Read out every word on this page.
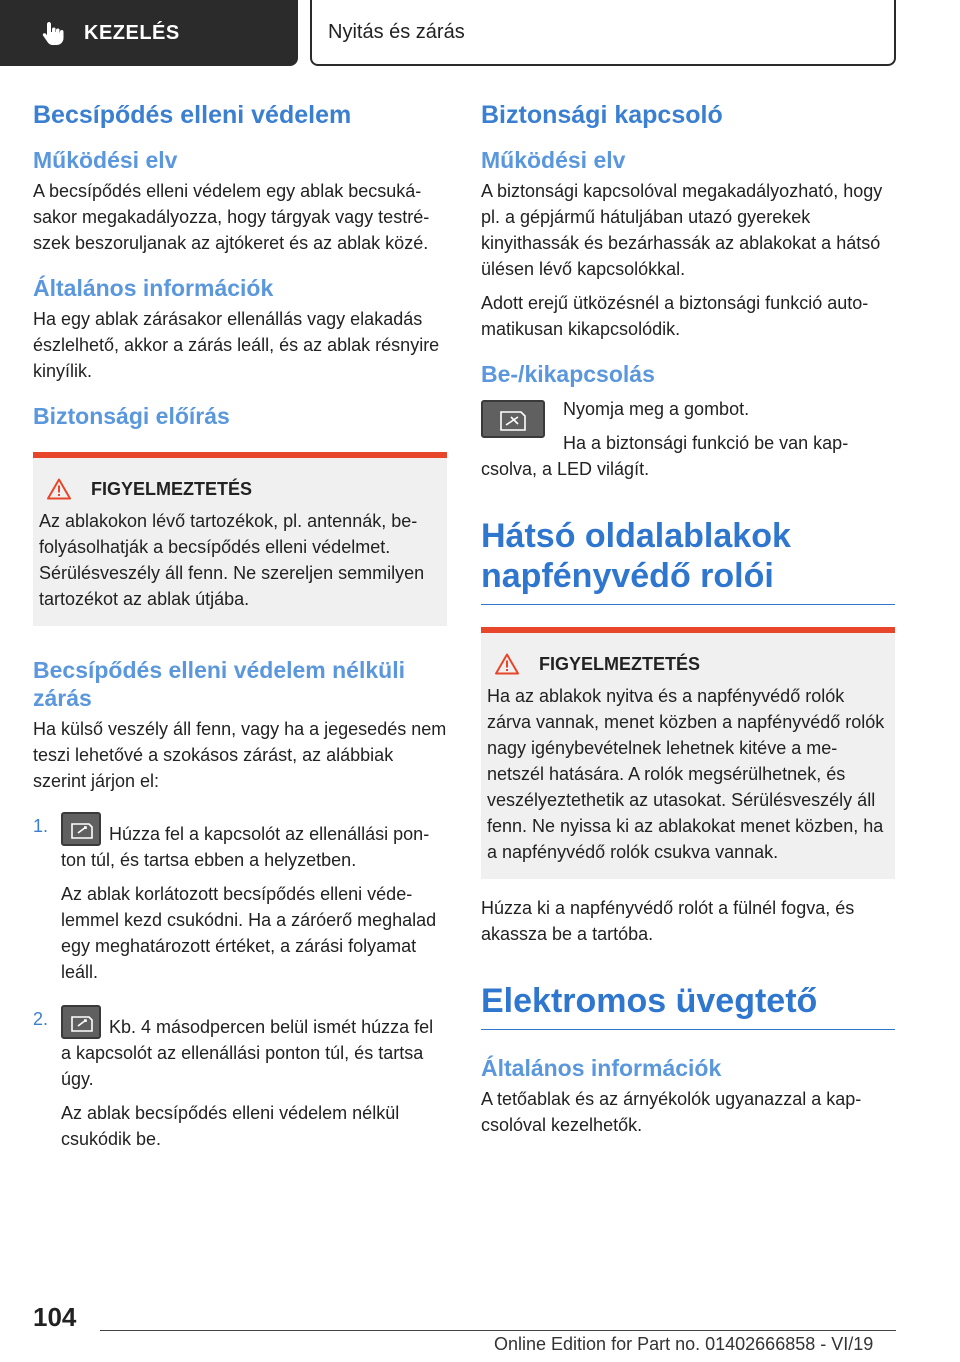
KEZELÉS	Nyitás és zárás
Becsípődés elleni védelem
Működési elv
A becsípődés elleni védelem egy ablak becsukásakor megakadályozza, hogy tárgyak vagy testrészek beszoruljanak az ajtókeret és az ablak közé.
Általános információk
Ha egy ablak zárásakor ellenállás vagy elakadás észlelhető, akkor a zárás leáll, és az ablak résnyire kinyílik.
Biztonsági előírás
FIGYELMEZTETÉS
Az ablakokon lévő tartozékok, pl. antennák, befolyásolhatják a becsípődés elleni védelmet. Sérülésveszély áll fenn. Ne szereljen semmilyen tartozékot az ablak útjába.
Becsípődés elleni védelem nélküli zárás
Ha külső veszély áll fenn, vagy ha a jegesedés nem teszi lehetővé a szokásos zárást, az alábbiak szerint járjon el:
1.	Húzza fel a kapcsolót az ellenállási ponton túl, és tartsa ebben a helyzetben.
Az ablak korlátozott becsípődés elleni védelemmel kezd csukódni. Ha a záróerő meghalad egy meghatározott értéket, a zárási folyamat leáll.
2.	Kb. 4 másodpercen belül ismét húzza fel a kapcsolót az ellenállási ponton túl, és tartsa úgy.
Az ablak becsípődés elleni védelem nélkül csukódik be.
Biztonsági kapcsoló
Működési elv
A biztonsági kapcsolóval megakadályozható, hogy pl. a gépjármű hátuljában utazó gyerekek kinyithassák és bezárhassák az ablakokat a hátsó ülésen lévő kapcsolókkal.
Adott erejű ütközésnél a biztonsági funkció automatikusan kikapcsolódik.
Be-/kikapcsolás
Nyomja meg a gombot.
Ha a biztonsági funkció be van kapcsolva, a LED világít.
Hátsó oldalablakok napfényvédő rolói
FIGYELMEZTETÉS
Ha az ablakok nyitva és a napfényvédő rolók zárva vannak, menet közben a napfényvédő rolók nagy igénybevételnek lehetnek kitéve a menetszél hatására. A rolók megsérülhetnek, és veszélyeztethetik az utasokat. Sérülésveszély áll fenn. Ne nyissa ki az ablakokat menet közben, ha a napfényvédő rolók csukva vannak.
Húzza ki a napfényvédő rolót a fülnél fogva, és akassza be a tartóba.
Elektromos üvegtető
Általános információk
A tetőablak és az árnyékolók ugyanazzal a kapcsolóval kezelhetők.
104
Online Edition for Part no. 01402666858 - VI/19
